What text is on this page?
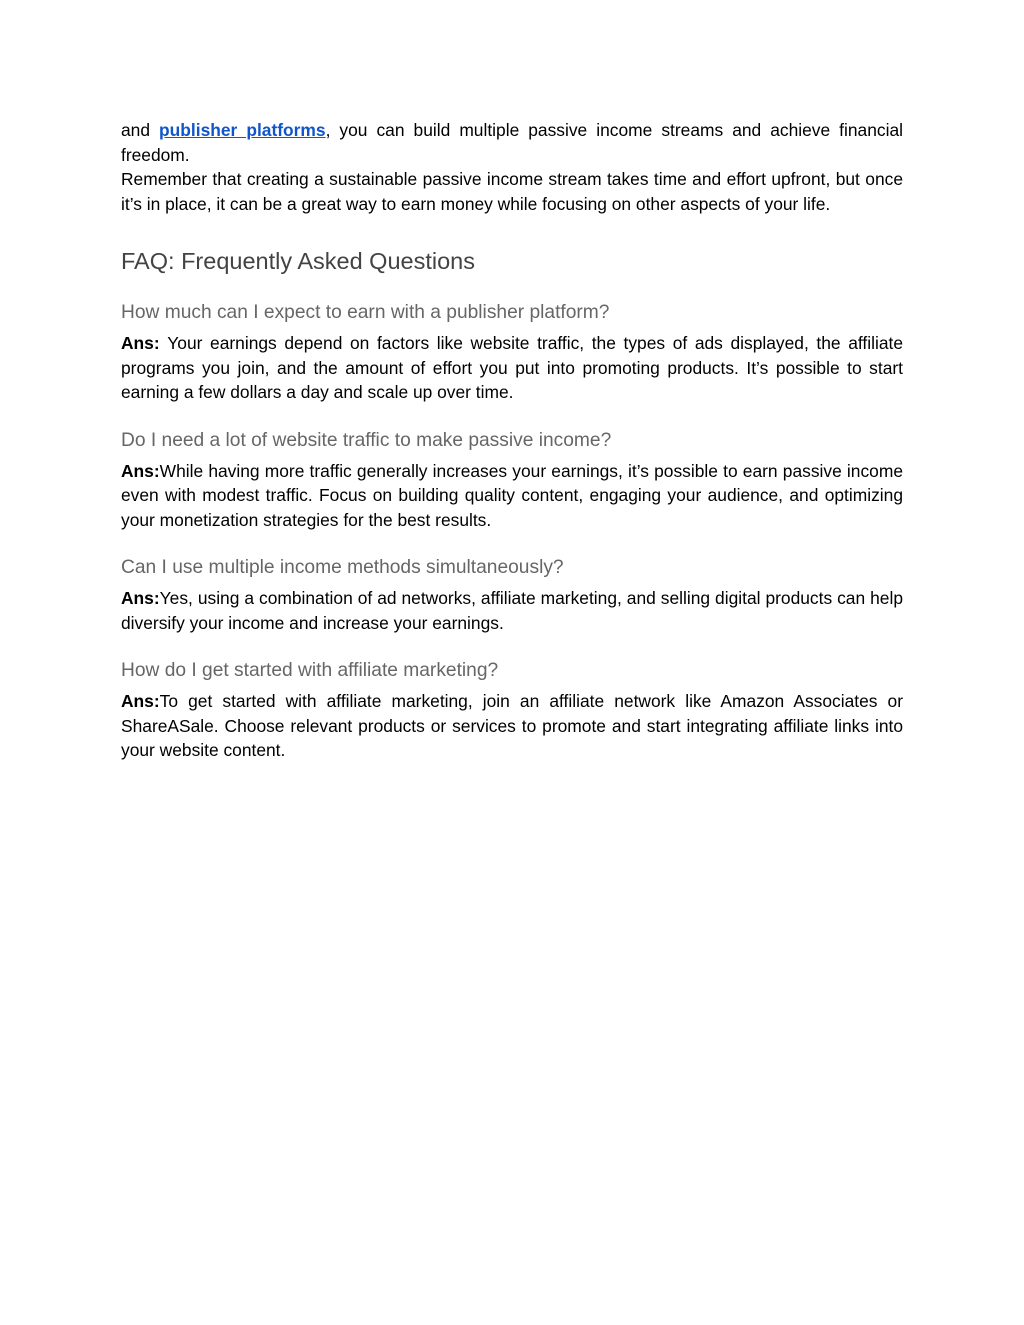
and publisher platforms, you can build multiple passive income streams and achieve financial freedom.

Remember that creating a sustainable passive income stream takes time and effort upfront, but once it’s in place, it can be a great way to earn money while focusing on other aspects of your life.

FAQ: Frequently Asked Questions
How much can I expect to earn with a publisher platform?

Ans: Your earnings depend on factors like website traffic, the types of ads displayed, the affiliate programs you join, and the amount of effort you put into promoting products. It’s possible to start earning a few dollars a day and scale up over time.

Do I need a lot of website traffic to make passive income?

Ans:While having more traffic generally increases your earnings, it’s possible to earn passive income even with modest traffic. Focus on building quality content, engaging your audience, and optimizing your monetization strategies for the best results.

Can I use multiple income methods simultaneously?

Ans:Yes, using a combination of ad networks, affiliate marketing, and selling digital products can help diversify your income and increase your earnings.

How do I get started with affiliate marketing?

Ans:To get started with affiliate marketing, join an affiliate network like Amazon Associates or ShareASale. Choose relevant products or services to promote and start integrating affiliate links into your website content.
